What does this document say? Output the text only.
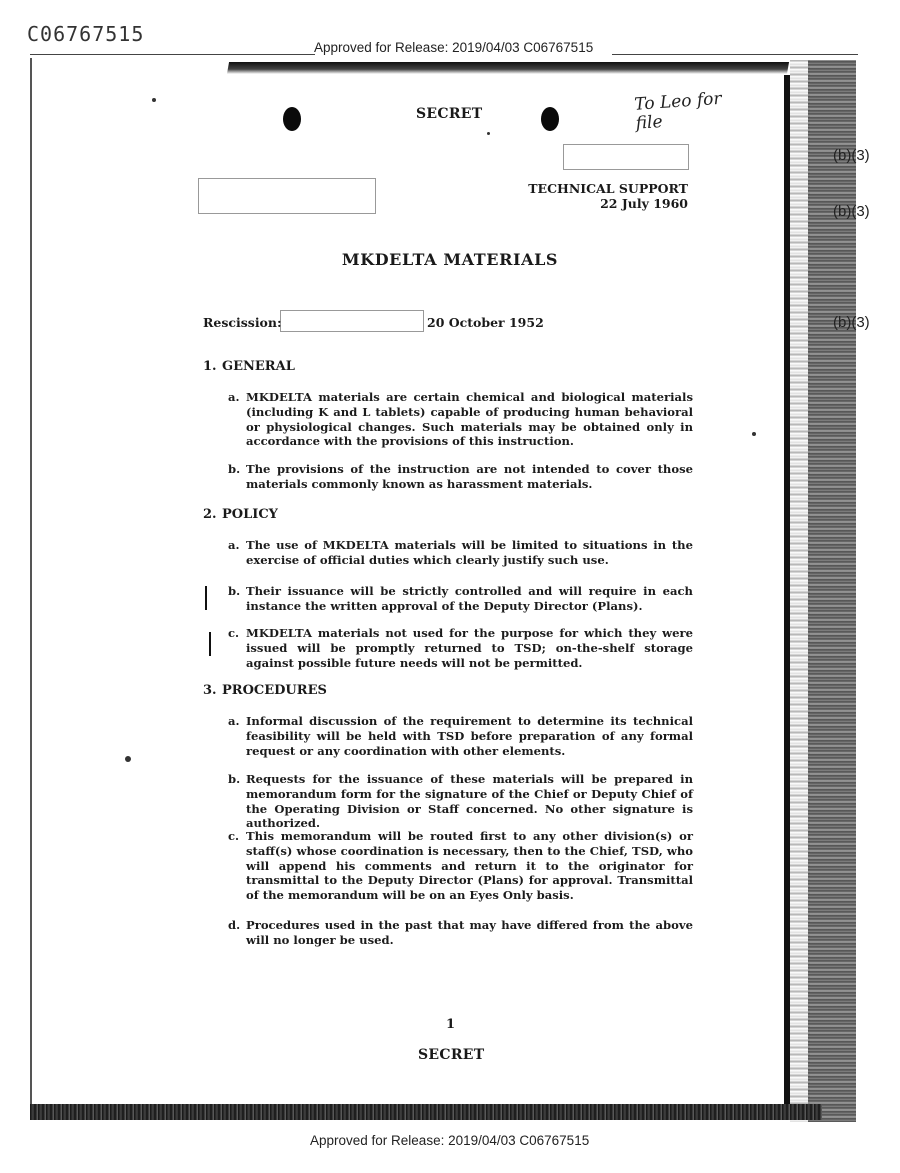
C06767515
Approved for Release: 2019/04/03 C06767515
SECRET	To Leo for file
(b)(3)
(b)(3)
(b)(3)
TECHNICAL SUPPORT
22 July 1960
MKDELTA MATERIALS
Rescission:	20 October 1952
1. GENERAL
a. MKDELTA materials are certain chemical and biological materials (including K and L tablets) capable of producing human behavioral or physiological changes. Such materials may be obtained only in accordance with the provisions of this instruction.
b. The provisions of the instruction are not intended to cover those materials commonly known as harassment materials.
2. POLICY
a. The use of MKDELTA materials will be limited to situations in the exercise of official duties which clearly justify such use.
b. Their issuance will be strictly controlled and will require in each instance the written approval of the Deputy Director (Plans).
c. MKDELTA materials not used for the purpose for which they were issued will be promptly returned to TSD; on-the-shelf storage against possible future needs will not be permitted.
3. PROCEDURES
a. Informal discussion of the requirement to determine its technical feasibility will be held with TSD before preparation of any formal request or any coordination with other elements.
b. Requests for the issuance of these materials will be prepared in memorandum form for the signature of the Chief or Deputy Chief of the Operating Division or Staff concerned. No other signature is authorized.
c. This memorandum will be routed first to any other division(s) or staff(s) whose coordination is necessary, then to the Chief, TSD, who will append his comments and return it to the originator for transmittal to the Deputy Director (Plans) for approval. Transmittal of the memorandum will be on an Eyes Only basis.
d. Procedures used in the past that may have differed from the above will no longer be used.
1
SECRET
Approved for Release: 2019/04/03 C06767515
